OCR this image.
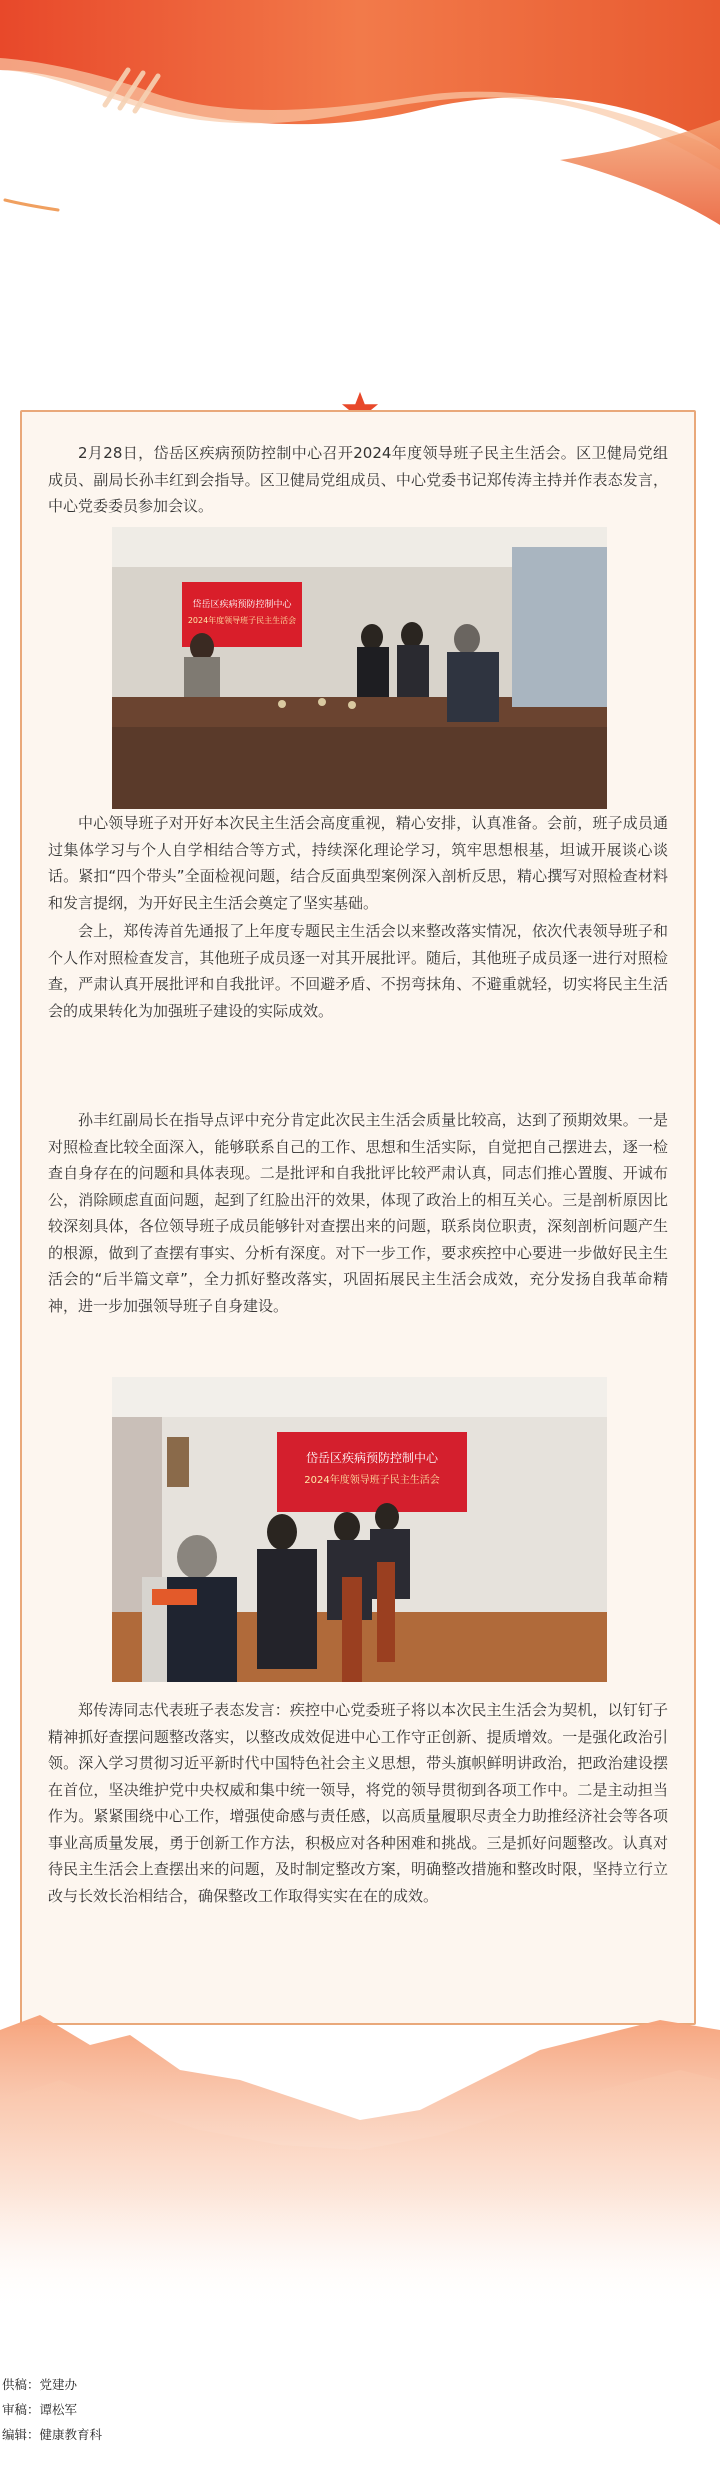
2月28日，岱岳区疾病预防控制中心召开2024年度领导班子民主生活会。区卫健局党组成员、副局长孙丰红到会指导。区卫健局党组成员、中心党委书记郑传涛主持并作表态发言，中心党委委员参加会议。

岱岳区疾病预防控制中心
2024年度领导班子民主生活会

中心领导班子对开好本次民主生活会高度重视，精心安排，认真准备。会前，班子成员通过集体学习与个人自学相结合等方式，持续深化理论学习，筑牢思想根基，坦诚开展谈心谈话。紧扣“四个带头”全面检视问题，结合反面典型案例深入剖析反思，精心撰写对照检查材料和发言提纲，为开好民主生活会奠定了坚实基础。

会上，郑传涛首先通报了上年度专题民主生活会以来整改落实情况，依次代表领导班子和个人作对照检查发言，其他班子成员逐一对其开展批评。随后，其他班子成员逐一进行对照检查，严肃认真开展批评和自我批评。不回避矛盾、不拐弯抹角、不避重就轻，切实将民主生活会的成果转化为加强班子建设的实际成效。

孙丰红副局长在指导点评中充分肯定此次民主生活会质量比较高，达到了预期效果。一是对照检查比较全面深入，能够联系自己的工作、思想和生活实际，自觉把自己摆进去，逐一检查自身存在的问题和具体表现。二是批评和自我批评比较严肃认真，同志们推心置腹、开诚布公，消除顾虑直面问题，起到了红脸出汗的效果，体现了政治上的相互关心。三是剖析原因比较深刻具体，各位领导班子成员能够针对查摆出来的问题，联系岗位职责，深刻剖析问题产生的根源，做到了查摆有事实、分析有深度。对下一步工作，要求疾控中心要进一步做好民主生活会的“后半篇文章”，全力抓好整改落实，巩固拓展民主生活会成效，充分发扬自我革命精神，进一步加强领导班子自身建设。

岱岳区疾病预防控制中心
2024年度领导班子民主生活会

郑传涛同志代表班子表态发言：疾控中心党委班子将以本次民主生活会为契机，以钉钉子精神抓好查摆问题整改落实，以整改成效促进中心工作守正创新、提质增效。一是强化政治引领。深入学习贯彻习近平新时代中国特色社会主义思想，带头旗帜鲜明讲政治，把政治建设摆在首位，坚决维护党中央权威和集中统一领导，将党的领导贯彻到各项工作中。二是主动担当作为。紧紧围绕中心工作，增强使命感与责任感，以高质量履职尽责全力助推经济社会等各项事业高质量发展，勇于创新工作方法，积极应对各种困难和挑战。三是抓好问题整改。认真对待民主生活会上查摆出来的问题，及时制定整改方案，明确整改措施和整改时限，坚持立行立改与长效长治相结合，确保整改工作取得实实在在的成效。

供稿：党建办
审稿：谭松军
编辑：健康教育科
